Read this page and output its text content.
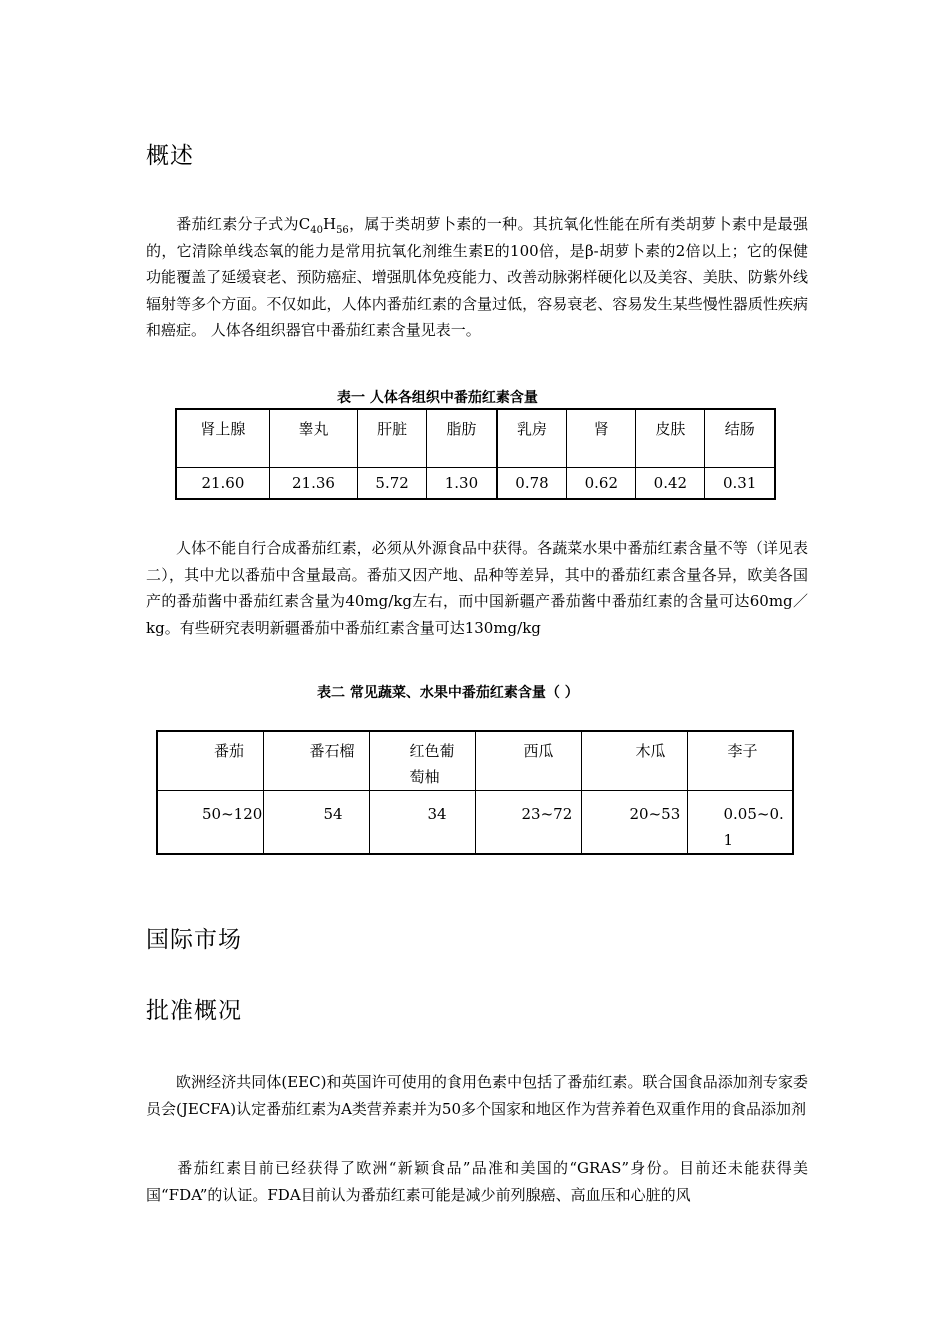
概述

番茄红素分子式为$C_{40}H_{56}$，属于类胡萝卜素的一种。其抗氧化性能在所有类胡萝卜素中是最强的，它清除单线态氧的能力是常用抗氧化剂维生素E的100倍，是β-胡萝卜素的2倍以上；它的保健功能覆盖了延缓衰老、预防癌症、增强肌体免疫能力、改善动脉粥样硬化以及美容、美肤、防紫外线辐射等多个方面。不仅如此，人体内番茄红素的含量过低，容易衰老、容易发生某些慢性器质性疾病和癌症。 人体各组织器官中番茄红素含量见表一。

表一 人体各组织中番茄红素含量

肾上腺	睾丸	肝脏	脂肪	乳房	肾	皮肤	结肠
21.60	21.36	5.72	1.30	0.78	0.62	0.42	0.31

人体不能自行合成番茄红素，必须从外源食品中获得。各蔬菜水果中番茄红素含量不等（详见表二），其中尤以番茄中含量最高。番茄又因产地、品种等差异，其中的番茄红素含量各异，欧美各国产的番茄酱中番茄红素含量为40mg/kg左右，而中国新疆产番茄酱中番茄红素的含量可达60mg／kg。有些研究表明新疆番茄中番茄红素含量可达130mg/kg

表二 常见蔬菜、水果中番茄红素含量（ ）

番茄	番石榴	红色葡萄柚	西瓜	木瓜	李子
50~120	54	34	23~72	20~53	0.05~0.1
国际市场
批准概况

欧洲经济共同体(EEC)和英国许可使用的食用色素中包括了番茄红素。联合国食品添加剂专家委员会(JECFA)认定番茄红素为A类营养素并为50多个国家和地区作为营养着色双重作用的食品添加剂

番茄红素目前已经获得了欧洲“新颖食品”品准和美国的“GRAS”身份。目前还未能获得美国“FDA”的认证。FDA目前认为番茄红素可能是减少前列腺癌、高血压和心脏的风
